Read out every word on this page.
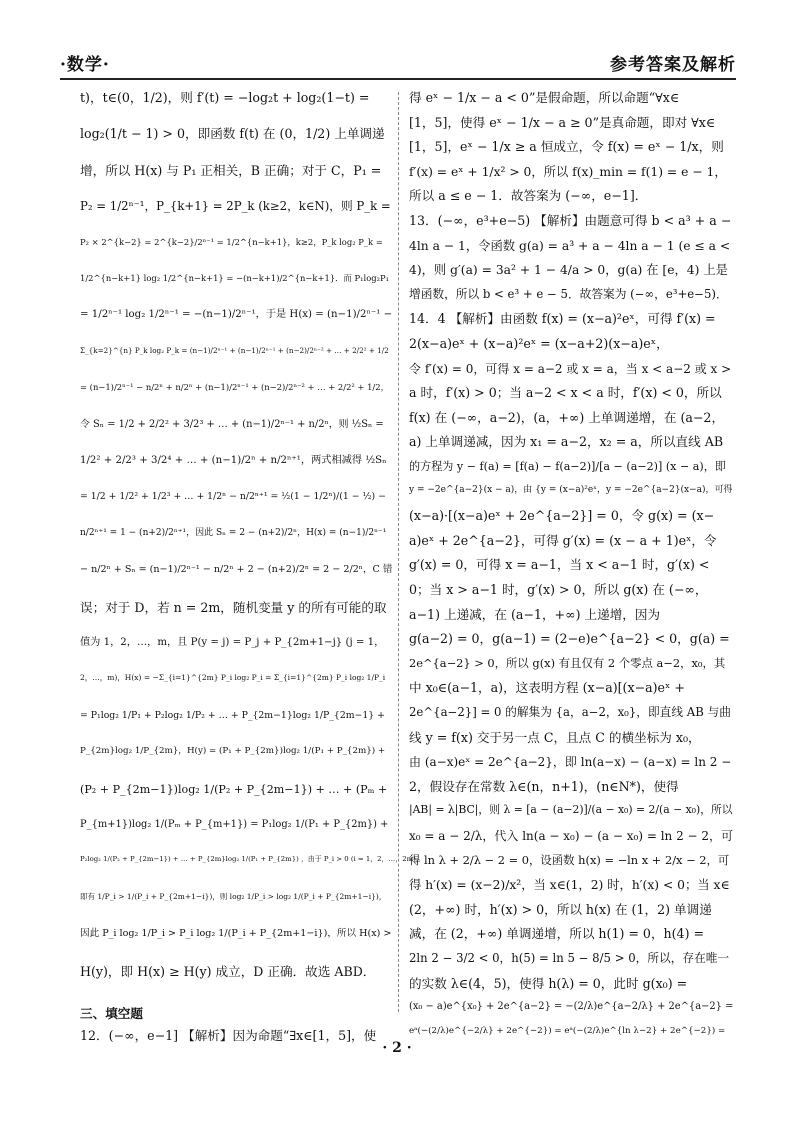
·数学·	参考答案及解析
t)，t∈(0，1/2)，则 f′(t) = −log₂t + log₂(1−t) =
log₂(1/t − 1) > 0，即函数 f(t) 在 (0，1/2) 上单调递
增，所以 H(x) 与 P₁ 正相关，B 正确；对于 C，P₁ =
P₂ = 1/2ⁿ⁻¹，P_{k+1} = 2P_k (k≥2，k∈N)，则 P_k =
P₂ × 2^{k−2} = 2^{k−2}/2ⁿ⁻¹ = 1/2^{n−k+1}，k≥2，P_k log₂ P_k =
1/2^{n−k+1} log₂ 1/2^{n−k+1} = −(n−k+1)/2^{n−k+1}．而 P₁log₂P₁
= 1/2ⁿ⁻¹ log₂ 1/2ⁿ⁻¹ = −(n−1)/2ⁿ⁻¹，于是 H(x) = (n−1)/2ⁿ⁻¹ −
Σ_{k=2}^{n} P_k log₂ P_k = (n−1)/2ⁿ⁻¹ + (n−1)/2ⁿ⁻¹ + (n−2)/2ⁿ⁻² + … + 2/2² + 1/2
= (n−1)/2ⁿ⁻¹ − n/2ⁿ + n/2ⁿ + (n−1)/2ⁿ⁻¹ + (n−2)/2ⁿ⁻² + … + 2/2² + 1/2，
令 Sₙ = 1/2 + 2/2² + 3/2³ + … + (n−1)/2ⁿ⁻¹ + n/2ⁿ，则 ½Sₙ =
1/2² + 2/2³ + 3/2⁴ + … + (n−1)/2ⁿ + n/2ⁿ⁺¹，两式相减得 ½Sₙ
= 1/2 + 1/2² + 1/2³ + … + 1/2ⁿ − n/2ⁿ⁺¹ = ½(1 − 1/2ⁿ)/(1 − ½) −
n/2ⁿ⁺¹ = 1 − (n+2)/2ⁿ⁺¹，因此 Sₙ = 2 − (n+2)/2ⁿ，H(x) = (n−1)/2ⁿ⁻¹
− n/2ⁿ + Sₙ = (n−1)/2ⁿ⁻¹ − n/2ⁿ + 2 − (n+2)/2ⁿ = 2 − 2/2ⁿ，C 错
误；对于 D，若 n = 2m，随机变量 y 的所有可能的取
值为 1，2，…，m，且 P(y = j) = P_j + P_{2m+1−j} (j = 1，
2，…，m)，H(x) = −Σ_{i=1}^{2m} P_i log₂ P_i = Σ_{i=1}^{2m} P_i log₂ 1/P_i
= P₁log₂ 1/P₁ + P₂log₂ 1/P₂ + … + P_{2m−1}log₂ 1/P_{2m−1} +
P_{2m}log₂ 1/P_{2m}，H(y) = (P₁ + P_{2m})log₂ 1/(P₁ + P_{2m}) +
(P₂ + P_{2m−1})log₂ 1/(P₂ + P_{2m−1}) + … + (Pₘ +
P_{m+1})log₂ 1/(Pₘ + P_{m+1}) = P₁log₂ 1/(P₁ + P_{2m}) +
P₂log₂ 1/(P₂ + P_{2m−1}) + … + P_{2m}log₂ 1/(P₁ + P_{2m}) ，由于 P_i > 0 (i = 1，2，…，2m)，
即有 1/P_i > 1/(P_i + P_{2m+1−i})，则 log₂ 1/P_i > log₂ 1/(P_i + P_{2m+1−i})，
因此 P_i log₂ 1/P_i > P_i log₂ 1/(P_i + P_{2m+1−i})，所以 H(x) >
H(y)，即 H(x) ≥ H(y) 成立，D 正确．故选 ABD．
三、填空题
12．(−∞，e−1] 【解析】因为命题“∃x∈[1，5]，使
得 eˣ − 1/x − a < 0”是假命题，所以命题“∀x∈
[1，5]，使得 eˣ − 1/x − a ≥ 0”是真命题，即对 ∀x∈
[1，5]，eˣ − 1/x ≥ a 恒成立，令 f(x) = eˣ − 1/x，则
f′(x) = eˣ + 1/x² > 0，所以 f(x)_min = f(1) = e − 1，
所以 a ≤ e − 1．故答案为 (−∞，e−1]．
13．(−∞，e³+e−5) 【解析】由题意可得 b < a³ + a −
4ln a − 1，令函数 g(a) = a³ + a − 4ln a − 1 (e ≤ a <
4)，则 g′(a) = 3a² + 1 − 4/a > 0，g(a) 在 [e，4) 上是
增函数，所以 b < e³ + e − 5．故答案为 (−∞，e³+e−5)．
14．4 【解析】由函数 f(x) = (x−a)²eˣ，可得 f′(x) =
2(x−a)eˣ + (x−a)²eˣ = (x−a+2)(x−a)eˣ，
令 f′(x) = 0，可得 x = a−2 或 x = a，当 x < a−2 或 x >
a 时，f′(x) > 0；当 a−2 < x < a 时，f′(x) < 0，所以
f(x) 在 (−∞，a−2)，(a，+∞) 上单调递增，在 (a−2，
a) 上单调递减，因为 x₁ = a−2，x₂ = a，所以直线 AB
的方程为 y − f(a) = [f(a) − f(a−2)]/[a − (a−2)] (x − a)，即
y = −2e^{a−2}(x − a)，由 {y = (x−a)²eˣ，y = −2e^{a−2}(x−a)，可得
(x−a)·[(x−a)eˣ + 2e^{a−2}] = 0，令 g(x) = (x−
a)eˣ + 2e^{a−2}，可得 g′(x) = (x − a + 1)eˣ，令
g′(x) = 0，可得 x = a−1，当 x < a−1 时，g′(x) <
0；当 x > a−1 时，g′(x) > 0，所以 g(x) 在 (−∞，
a−1) 上递减，在 (a−1，+∞) 上递增，因为
g(a−2) = 0，g(a−1) = (2−e)e^{a−2} < 0，g(a) =
2e^{a−2} > 0，所以 g(x) 有且仅有 2 个零点 a−2，x₀，其
中 x₀∈(a−1，a)，这表明方程 (x−a)[(x−a)eˣ +
2e^{a−2}] = 0 的解集为 {a，a−2，x₀}，即直线 AB 与曲
线 y = f(x) 交于另一点 C，且点 C 的横坐标为 x₀，
由 (a−x)eˣ = 2e^{a−2}，即 ln(a−x) − (a−x) = ln 2 −
2，假设存在常数 λ∈(n，n+1)，(n∈N*)，使得
|AB| = λ|BC|，则 λ = [a − (a−2)]/(a − x₀) = 2/(a − x₀)，所以
x₀ = a − 2/λ，代入 ln(a − x₀) − (a − x₀) = ln 2 − 2，可
得 ln λ + 2/λ − 2 = 0，设函数 h(x) = −ln x + 2/x − 2，可
得 h′(x) = (x−2)/x²，当 x∈(1，2) 时，h′(x) < 0；当 x∈
(2，+∞) 时，h′(x) > 0，所以 h(x) 在 (1，2) 单调递
减，在 (2，+∞) 单调递增，所以 h(1) = 0，h(4) =
2ln 2 − 3/2 < 0，h(5) = ln 5 − 8/5 > 0，所以，存在唯一
的实数 λ∈(4，5)，使得 h(λ) = 0，此时 g(x₀) =
(x₀ − a)e^{x₀} + 2e^{a−2} = −(2/λ)e^{a−2/λ} + 2e^{a−2} =
eᵃ(−(2/λ)e^{−2/λ} + 2e^{−2}) = eᵃ(−(2/λ)e^{ln λ−2} + 2e^{−2}) =
· 2 ·
